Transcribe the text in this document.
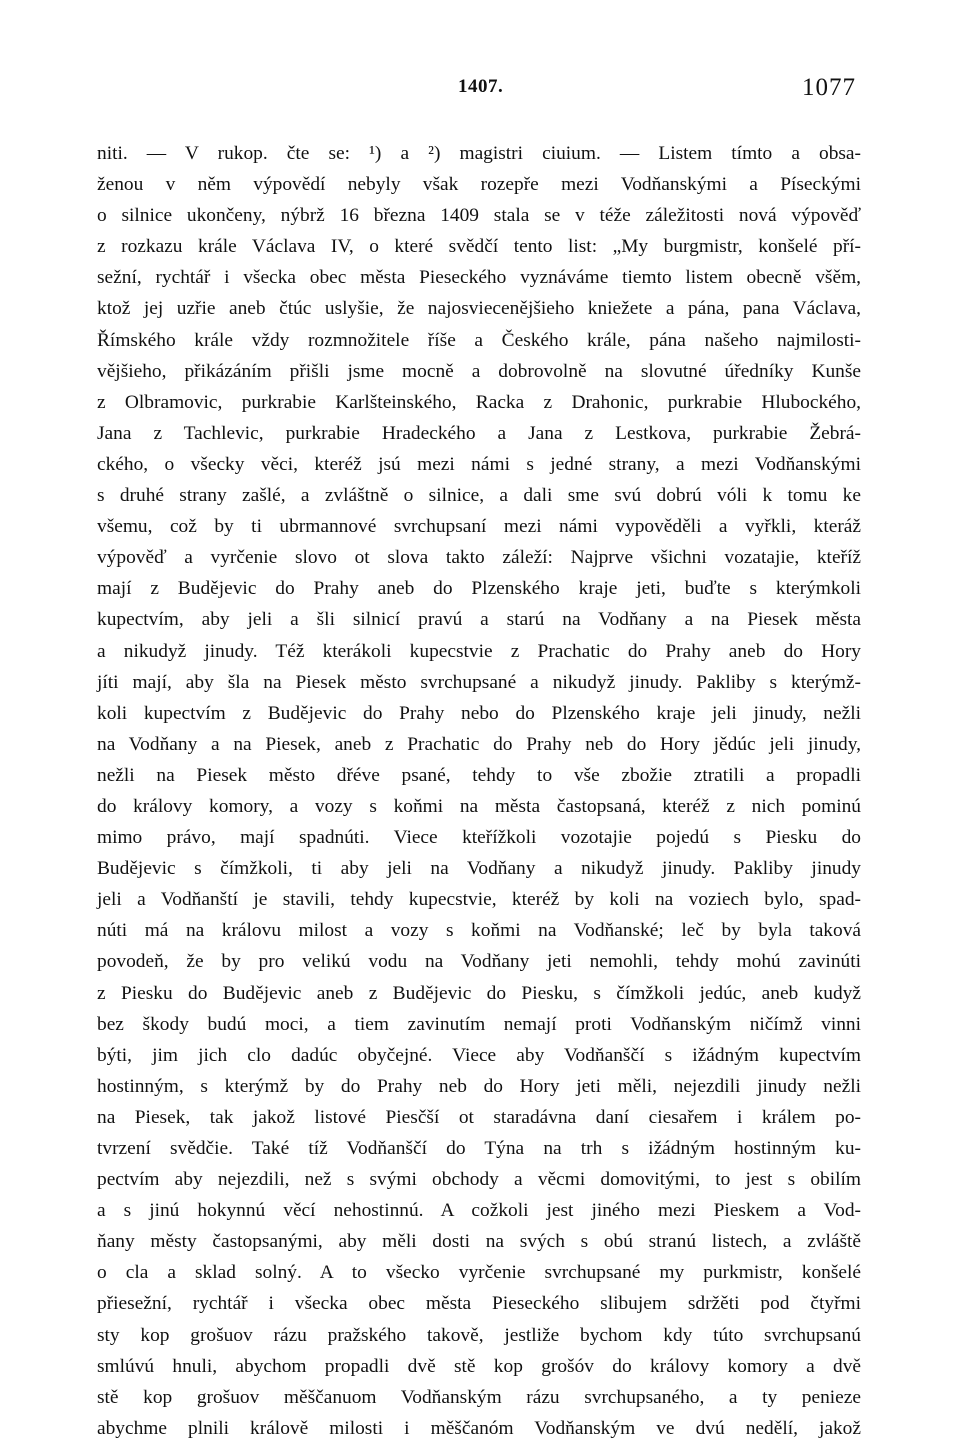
1407.	1077
niti. — V rukop. čte se: ¹) a ²) magistri ciuium. — Listem tímto a obsa-
ženou v něm výpovědí nebyly však rozepře mezi Vodňanskými a Píseckými
o silnice ukončeny, nýbrž 16 března 1409 stala se v téže záležitosti nová výpověď
z rozkazu krále Václava IV, o které svědčí tento list: „My burgmistr, konšelé pří-
sežní, rychtář i všecka obec města Pieseckého vyznáváme tiemto listem obecně všěm,
ktož jej uzřie aneb čtúc uslyšie, že najosviecenějšieho kniežete a pána, pana Václava,
Římského krále vždy rozmnožitele říše a Českého krále, pána našeho najmilosti-
vějšieho, přikázáním přišli jsme mocně a dobrovolně na slovutné úředníky Kunše
z Olbramovic, purkrabie Karlšteinského, Racka z Drahonic, purkrabie Hlubockého,
Jana z Tachlevic, purkrabie Hradeckého a Jana z Lestkova, purkrabie Žebrá-
ckého, o všecky věci, kteréž jsú mezi námi s jedné strany, a mezi Vodňanskými
s druhé strany zašlé, a zvláštně o silnice, a dali sme svú dobrú vóli k tomu ke
všemu, což by ti ubrmannové svrchupsaní mezi námi vypověděli a vyřkli, kteráž
výpověď a vyrčenie slovo ot slova takto záleží: Najprve všichni vozatajie, kteříž
mají z Budějevic do Prahy aneb do Plzenského kraje jeti, buďte s kterýmkoli
kupectvím, aby jeli a šli silnicí pravú a starú na Vodňany a na Piesek města
a nikudyž jinudy. Též kterákoli kupecstvie z Prachatic do Prahy aneb do Hory
jíti mají, aby šla na Piesek město svrchupsané a nikudyž jinudy. Pakliby s kterýmž-
koli kupectvím z Budějevic do Prahy nebo do Plzenského kraje jeli jinudy, nežli
na Vodňany a na Piesek, aneb z Prachatic do Prahy neb do Hory jědúc jeli jinudy,
nežli na Piesek město dřéve psané, tehdy to vše zbožie ztratili a propadli
do královy komory, a vozy s koňmi na města častopsaná, kteréž z nich pominú
mimo právo, mají spadnúti. Viece kteřížkoli vozotajie pojedú s Piesku do
Budějevic s čímžkoli, ti aby jeli na Vodňany a nikudyž jinudy. Pakliby jinudy
jeli a Vodňanští je stavili, tehdy kupecstvie, kteréž by koli na voziech bylo, spad-
núti má na královu milost a vozy s koňmi na Vodňanské; leč by byla taková
povodeň, že by pro velikú vodu na Vodňany jeti nemohli, tehdy mohú zavinúti
z Piesku do Budějevic aneb z Budějevic do Piesku, s čímžkoli jedúc, aneb kudyž
bez škody budú moci, a tiem zavinutím nemají proti Vodňanským ničímž vinni
býti, jim jich clo dadúc obyčejné. Viece aby Vodňanščí s ižádným kupectvím
hostinným, s kterýmž by do Prahy neb do Hory jeti měli, nejezdili jinudy nežli
na Piesek, tak jakož listové Piesčší ot staradávna daní ciesařem i králem po-
tvrzení svědčie. Také tíž Vodňanščí do Týna na trh s ižádným hostinným ku-
pectvím aby nejezdili, než s svými obchody a věcmi domovitými, to jest s obilím
a s jinú hokynnú věcí nehostinnú. A cožkoli jest jiného mezi Pieskem a Vod-
ňany městy častopsanými, aby měli dosti na svých s obú stranú listech, a zvláště
o cla a sklad solný. A to všecko vyrčenie svrchupsané my purkmistr, konšelé
přiesežní, rychtář i všecka obec města Pieseckého slibujem sdržěti pod čtyřmi
sty kop grošuov rázu pražského takově, jestliže bychom kdy túto svrchupsanú
smlúvú hnuli, abychom propadli dvě stě kop grošóv do královy komory a dvě
stě kop grošuov měščanuom Vodňanským rázu svrchupsaného, a ty penieze
abychme plnili králově milosti i měščanóm Vodňanským ve dvú nedělí, jakož
